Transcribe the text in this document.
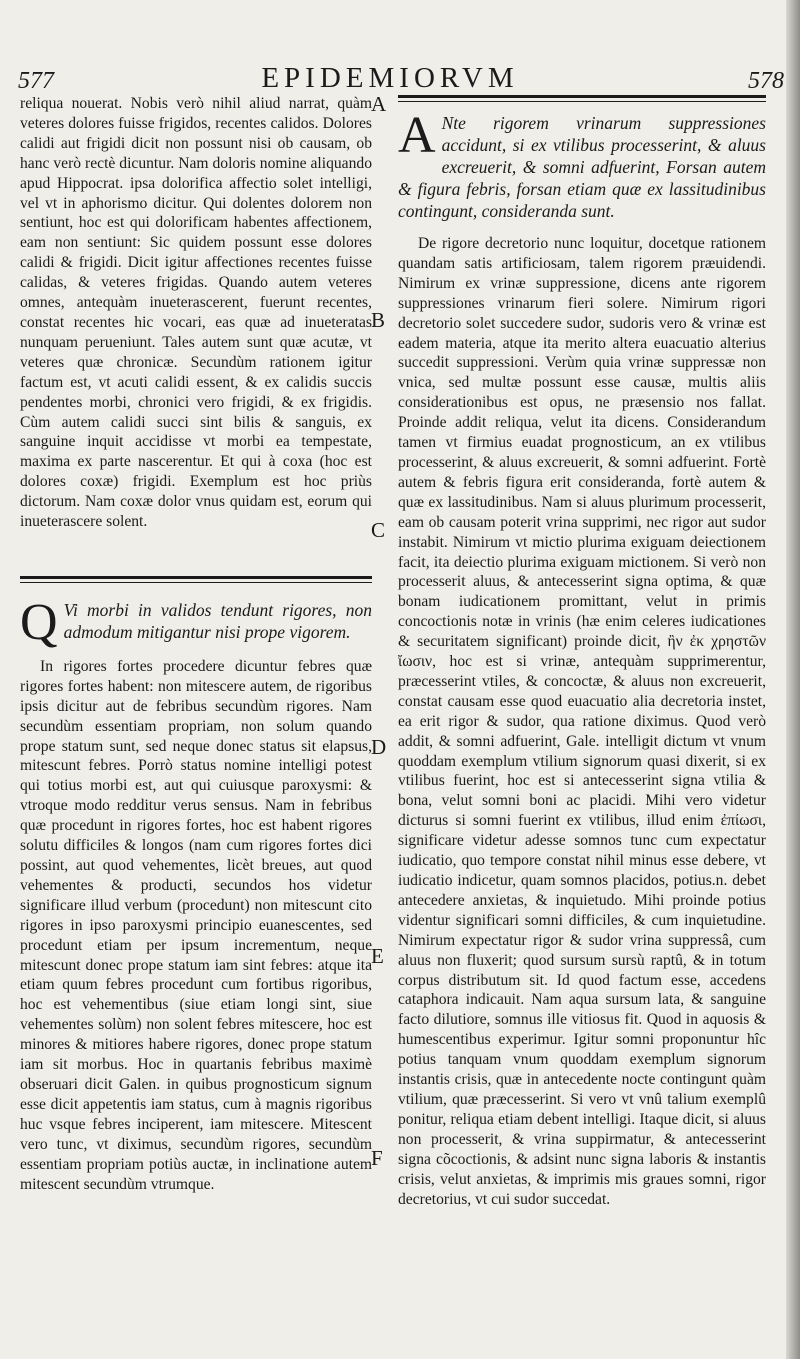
577	EPIDEMIORVM	578
A
B
C
D
E
F

reliqua nouerat. Nobis verò nihil aliud narrat, quàm veteres dolores fuisse frigidos, recentes calidos. Dolores calidi aut frigidi dicit non possunt nisi ob causam, ob hanc verò rectè dicuntur. Nam doloris nomine aliquando apud Hippocrat. ipsa dolorifica affectio solet intelligi, vel vt in aphorismo dicitur. Qui dolentes dolorem non sentiunt, hoc est qui dolorificam habentes affectionem, eam non sentiunt: Sic quidem possunt esse dolores calidi & frigidi. Dicit igitur affectiones recentes fuisse calidas, & veteres frigidas. Quando autem veteres omnes, antequàm inueterascerent, fuerunt recentes, constat recentes hic vocari, eas quæ ad inueteratas nunquam perueniunt. Tales autem sunt quæ acutæ, vt veteres quæ chronicæ. Secundùm rationem igitur factum est, vt acuti calidi essent, & ex calidis succis pendentes morbi, chronici vero frigidi, & ex frigidis. Cùm autem calidi succi sint bilis & sanguis, ex sanguine inquit accidisse vt morbi ea tempestate, maxima ex parte nascerentur. Et qui à coxa (hoc est dolores coxæ) frigidi. Exemplum est hoc priùs dictorum. Nam coxæ dolor vnus quidam est, eorum qui inueterascere solent.

Q Vi morbi in validos tendunt rigores, non admodum mitigantur nisi prope vigorem.

In rigores fortes procedere dicuntur febres quæ rigores fortes habent: non mitescere autem, de rigoribus ipsis dicitur aut de febribus secundùm rigores. Nam secundùm essentiam propriam, non solum quando prope statum sunt, sed neque donec status sit elapsus, mitescunt febres. Porrò status nomine intelligi potest qui totius morbi est, aut qui cuiusque paroxysmi: & vtroque modo redditur verus sensus. Nam in febribus quæ procedunt in rigores fortes, hoc est habent rigores solutu difficiles & longos (nam cum rigores fortes dici possint, aut quod vehementes, licèt breues, aut quod vehementes & producti, secundos hos videtur significare illud verbum (procedunt) non mitescunt cito rigores in ipso paroxysmi principio euanescentes, sed procedunt etiam per ipsum incrementum, neque mitescunt donec prope statum iam sint febres: atque ita etiam quum febres procedunt cum fortibus rigoribus, hoc est vehementibus (siue etiam longi sint, siue vehementes solùm) non solent febres mitescere, hoc est minores & mitiores habere rigores, donec prope statum iam sit morbus. Hoc in quartanis febribus maximè obseruari dicit Galen. in quibus prognosticum signum esse dicit appetentis iam status, cum à magnis rigoribus huc vsque febres inciperent, iam mitescere. Mitescent vero tunc, vt diximus, secundùm rigores, secundùm essentiam propriam potiùs auctæ, in inclinatione autem mitescent secundùm vtrumque.

A Nte rigorem vrinarum suppressiones accidunt, si ex vtilibus processerint, & aluus excreuerit, & somni adfuerint, Forsan autem & figura febris, forsan etiam quæ ex lassitudinibus contingunt, consideranda sunt.

De rigore decretorio nunc loquitur, docetque rationem quandam satis artificiosam, talem rigorem præuidendi. Nimirum ex vrinæ suppressione, dicens ante rigorem suppressiones vrinarum fieri solere. Nimirum rigori decretorio solet succedere sudor, sudoris vero & vrinæ est eadem materia, atque ita merito altera euacuatio alterius succedit suppressioni. Verùm quia vrinæ suppressæ non vnica, sed multæ possunt esse causæ, multis aliis considerationibus est opus, ne præsensio nos fallat. Proinde addit reliqua, velut ita dicens. Considerandum tamen vt firmius euadat prognosticum, an ex vtilibus processerint, & aluus excreuerit, & somni adfuerint. Fortè autem & febris figura erit consideranda, fortè autem & quæ ex lassitudinibus. Nam si aluus plurimum processerit, eam ob causam poterit vrina supprimi, nec rigor aut sudor instabit. Nimirum vt mictio plurima exiguam deiectionem facit, ita deiectio plurima exiguam mictionem. Si verò non processerit aluus, & antecesserint signa optima, & quæ bonam iudicationem promittant, velut in primis concoctionis notæ in vrinis (hæ enim celeres iudicationes & securitatem significant) proinde dicit, ἢν ἐκ χρηστῶν ἴωσιν, hoc est si vrinæ, antequàm supprimerentur, præcesserint vtiles, & concoctæ, & aluus non excreuerit, constat causam esse quod euacuatio alia decretoria instet, ea erit rigor & sudor, qua ratione diximus. Quod verò addit, & somni adfuerint, Gale. intelligit dictum vt vnum quoddam exemplum vtilium signorum quasi dixerit, si ex vtilibus fuerint, hoc est si antecesserint signa vtilia & bona, velut somni boni ac placidi. Mihi vero videtur dicturus si somni fuerint ex vtilibus, illud enim ἐπίωσι, significare videtur adesse somnos tunc cum expectatur iudicatio, quo tempore constat nihil minus esse debere, vt iudicatio indicetur, quam somnos placidos, potius.n. debet antecedere anxietas, & inquietudo. Mihi proinde potius videntur significari somni difficiles, & cum inquietudine. Nimirum expectatur rigor & sudor vrina suppressâ, cum aluus non fluxerit; quod sursum sursù raptû, & in totum corpus distributum sit. Id quod factum esse, accedens cataphora indicauit. Nam aqua sursum lata, & sanguine facto dilutiore, somnus ille vitiosus fit. Quod in aquosis & humescentibus experimur. Igitur somni proponuntur hîc potius tanquam vnum quoddam exemplum signorum instantis crisis, quæ in antecedente nocte contingunt quàm vtilium, quæ præcesserint. Si vero vt vnû talium exemplû ponitur, reliqua etiam debent intelligi. Itaque dicit, si aluus non processerit, & vrina suppirmatur, & antecesserint signa cõcoctionis, & adsint nunc signa laboris & instantis crisis, velut anxietas, & imprimis mis graues somni, rigor decretorius, vt cui sudor succedat.
